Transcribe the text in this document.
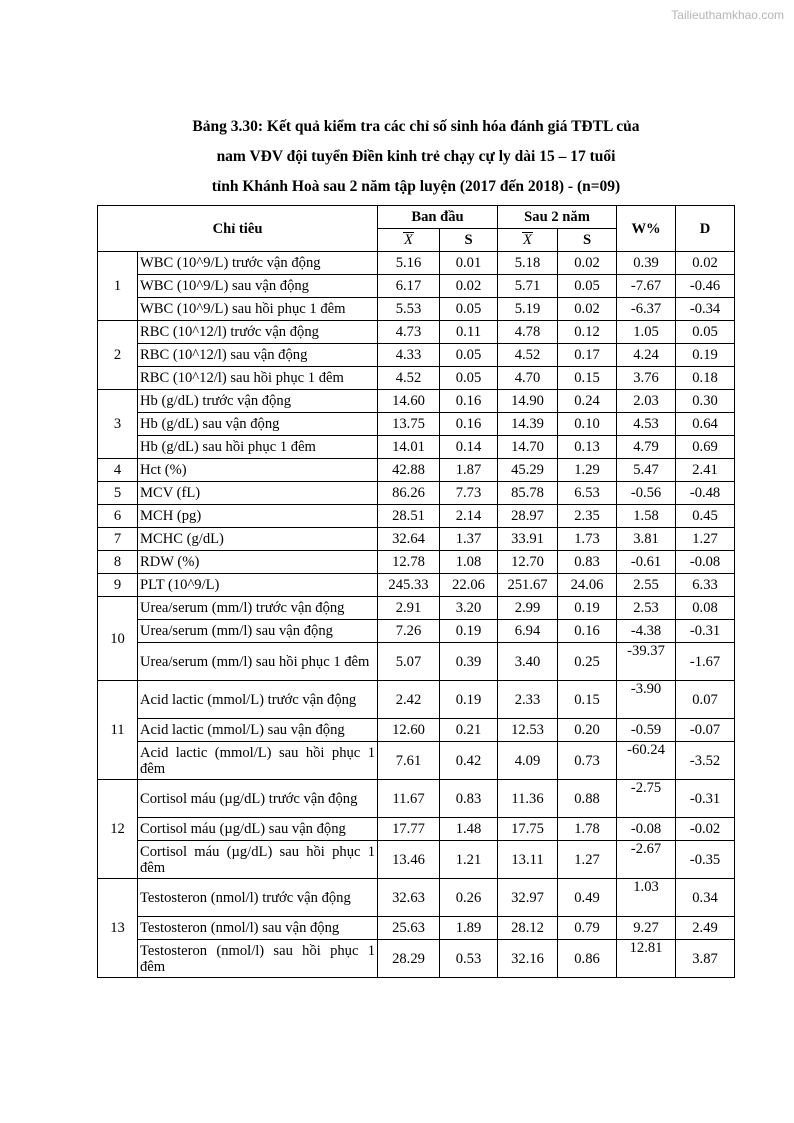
Tailieuthamkhao.com
Bảng 3.30: Kết quả kiểm tra các chỉ số sinh hóa đánh giá TĐTL của
nam VĐV đội tuyển Điền kinh trẻ chạy cự ly dài 15 – 17 tuổi
tỉnh Khánh Hoà sau 2 năm tập luyện (2017 đến 2018) - (n=09)
Chỉ tiêu		Ban đầu		Sau 2 năm		W%	D
		X	S	X	S		
1	WBC (10^9/L) trước vận động	5.16	0.01	5.18	0.02	0.39	0.02
	WBC (10^9/L) sau vận động	6.17	0.02	5.71	0.05	-7.67	-0.46
	WBC (10^9/L) sau hồi phục 1 đêm	5.53	0.05	5.19	0.02	-6.37	-0.34
2	RBC (10^12/l) trước vận động	4.73	0.11	4.78	0.12	1.05	0.05
	RBC (10^12/l) sau vận động	4.33	0.05	4.52	0.17	4.24	0.19
	RBC (10^12/l) sau hồi phục 1 đêm	4.52	0.05	4.70	0.15	3.76	0.18
3	Hb (g/dL) trước vận động	14.60	0.16	14.90	0.24	2.03	0.30
	Hb (g/dL) sau vận động	13.75	0.16	14.39	0.10	4.53	0.64
	Hb (g/dL) sau hồi phục 1 đêm	14.01	0.14	14.70	0.13	4.79	0.69
4	Hct (%)	42.88	1.87	45.29	1.29	5.47	2.41
5	MCV (fL)	86.26	7.73	85.78	6.53	-0.56	-0.48
6	MCH (pg)	28.51	2.14	28.97	2.35	1.58	0.45
7	MCHC (g/dL)	32.64	1.37	33.91	1.73	3.81	1.27
8	RDW (%)	12.78	1.08	12.70	0.83	-0.61	-0.08
9	PLT (10^9/L)	245.33	22.06	251.67	24.06	2.55	6.33
10	Urea/serum (mm/l) trước vận động	2.91	3.20	2.99	0.19	2.53	0.08
	Urea/serum (mm/l) sau vận động	7.26	0.19	6.94	0.16	-4.38	-0.31
	Urea/serum (mm/l) sau hồi phục 1 đêm	5.07	0.39	3.40	0.25	-39.37	-1.67
11	Acid lactic (mmol/L) trước vận động	2.42	0.19	2.33	0.15	-3.90	0.07
	Acid lactic (mmol/L) sau vận động	12.60	0.21	12.53	0.20	-0.59	-0.07
	Acid lactic (mmol/L) sau hồi phục 1 đêm	7.61	0.42	4.09	0.73	-60.24	-3.52
12	Cortisol máu (µg/dL) trước vận động	11.67	0.83	11.36	0.88	-2.75	-0.31
	Cortisol máu (µg/dL) sau vận động	17.77	1.48	17.75	1.78	-0.08	-0.02
	Cortisol máu (µg/dL) sau hồi phục 1 đêm	13.46	1.21	13.11	1.27	-2.67	-0.35
13	Testosteron (nmol/l) trước vận động	32.63	0.26	32.97	0.49	1.03	0.34
	Testosteron (nmol/l) sau vận động	25.63	1.89	28.12	0.79	9.27	2.49
	Testosteron (nmol/l) sau hồi phục 1 đêm	28.29	0.53	32.16	0.86	12.81	3.87
